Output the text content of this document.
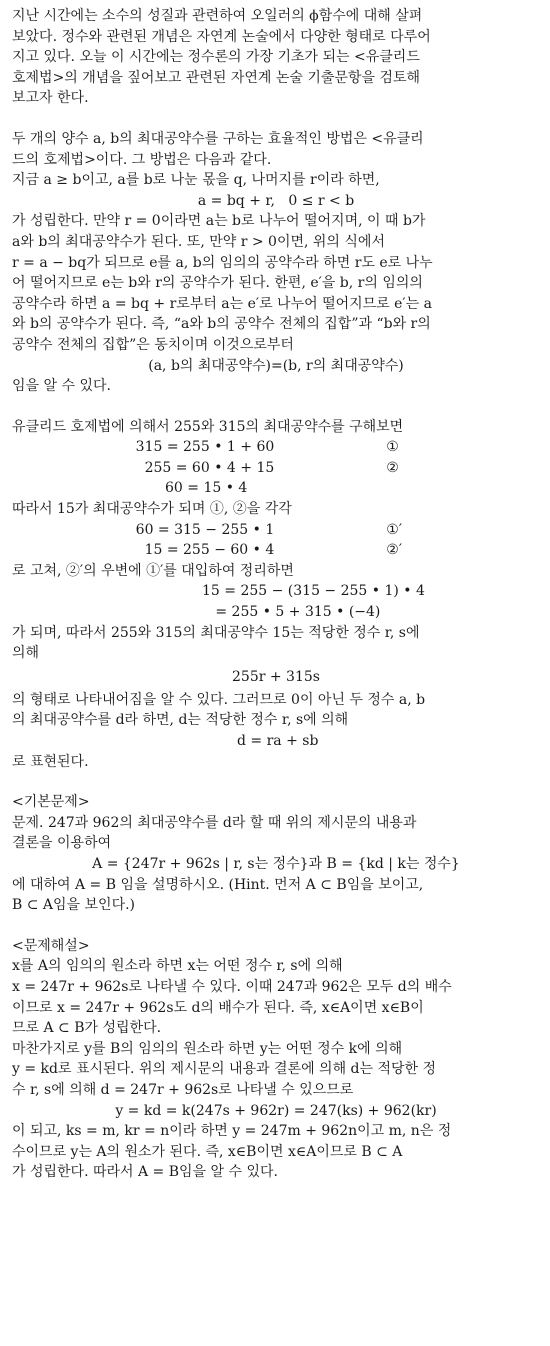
지난 시간에는 소수의 성질과 관련하여 오일러의 ϕ함수에 대해 살펴

보았다. 정수와 관련된 개념은 자연계 논술에서 다양한 형태로 다루어

지고 있다. 오늘 이 시간에는 정수론의 가장 기초가 되는 <유클리드

호제법>의 개념을 짚어보고 관련된 자연계 논술 기출문항을 검토해

보고자 한다.

두 개의 양수 a, b의 최대공약수를 구하는 효율적인 방법은 <유클리

드의 호제법>이다. 그 방법은 다음과 같다.

지금 a ≥ b이고, a를 b로 나눈 몫을 q, 나머지를 r이라 하면,

a = bq + r,   0 ≤ r < b

가 성립한다. 만약 r = 0이라면 a는 b로 나누어 떨어지며, 이 때 b가

a와 b의 최대공약수가 된다. 또, 만약 r > 0이면, 위의 식에서

r = a − bq가 되므로 e를 a, b의 임의의 공약수라 하면 r도 e로 나누

어 떨어지므로 e는 b와 r의 공약수가 된다. 한편, e′을 b, r의 임의의

공약수라 하면 a = bq + r로부터 a는 e′로 나누어 떨어지므로 e′는 a

와 b의 공약수가 된다. 즉, “a와 b의 공약수 전체의 집합”과 “b와 r의

공약수 전체의 집합”은 동치이며 이것으로부터

(a, b의 최대공약수)=(b, r의 최대공약수)

임을 알 수 있다.

유클리드 호제법에 의해서 255와 315의 최대공약수를 구해보면

315 = 255 • 1 + 60	①
255 = 60 • 4 + 15	②
60 = 15 • 4

따라서 15가 최대공약수가 되며 ①, ②을 각각

60 = 315 − 255 • 1	①′
15 = 255 − 60 • 4	②′

로 고쳐, ②′의 우변에 ①′를 대입하여 정리하면

15 = 255 − (315 − 255 • 1) • 4

= 255 • 5 + 315 • (−4)

가 되며, 따라서 255와 315의 최대공약수 15는 적당한 정수 r, s에

의해

255r + 315s

의 형태로 나타내어짐을 알 수 있다. 그러므로 0이 아닌 두 정수 a, b

의 최대공약수를 d라 하면, d는 적당한 정수 r, s에 의해

d = ra + sb

로 표현된다.

<기본문제>

문제. 247과 962의 최대공약수를 d라 할 때 위의 제시문의 내용과

결론을 이용하여

A = {247r + 962s | r, s는 정수}과 B = {kd | k는 정수}

에 대하여 A = B 임을 설명하시오. (Hint. 먼저 A ⊂ B임을 보이고,

B ⊂ A임을 보인다.)

<문제해설>

x를 A의 임의의 원소라 하면 x는 어떤 정수 r, s에 의해

x = 247r + 962s로 나타낼 수 있다. 이때 247과 962은 모두 d의 배수

이므로 x = 247r + 962s도 d의 배수가 된다. 즉, x∈A이면 x∈B이

므로 A ⊂ B가 성립한다.

마찬가지로 y를 B의 임의의 원소라 하면 y는 어떤 정수 k에 의해

y = kd로 표시된다. 위의 제시문의 내용과 결론에 의해 d는 적당한 정

수 r, s에 의해 d = 247r + 962s로 나타낼 수 있으므로

y = kd = k(247s + 962r) = 247(ks) + 962(kr)

이 되고, ks = m, kr = n이라 하면 y = 247m + 962n이고 m, n은 정

수이므로 y는 A의 원소가 된다. 즉, x∈B이면 x∈A이므로 B ⊂ A

가 성립한다. 따라서 A = B임을 알 수 있다.
